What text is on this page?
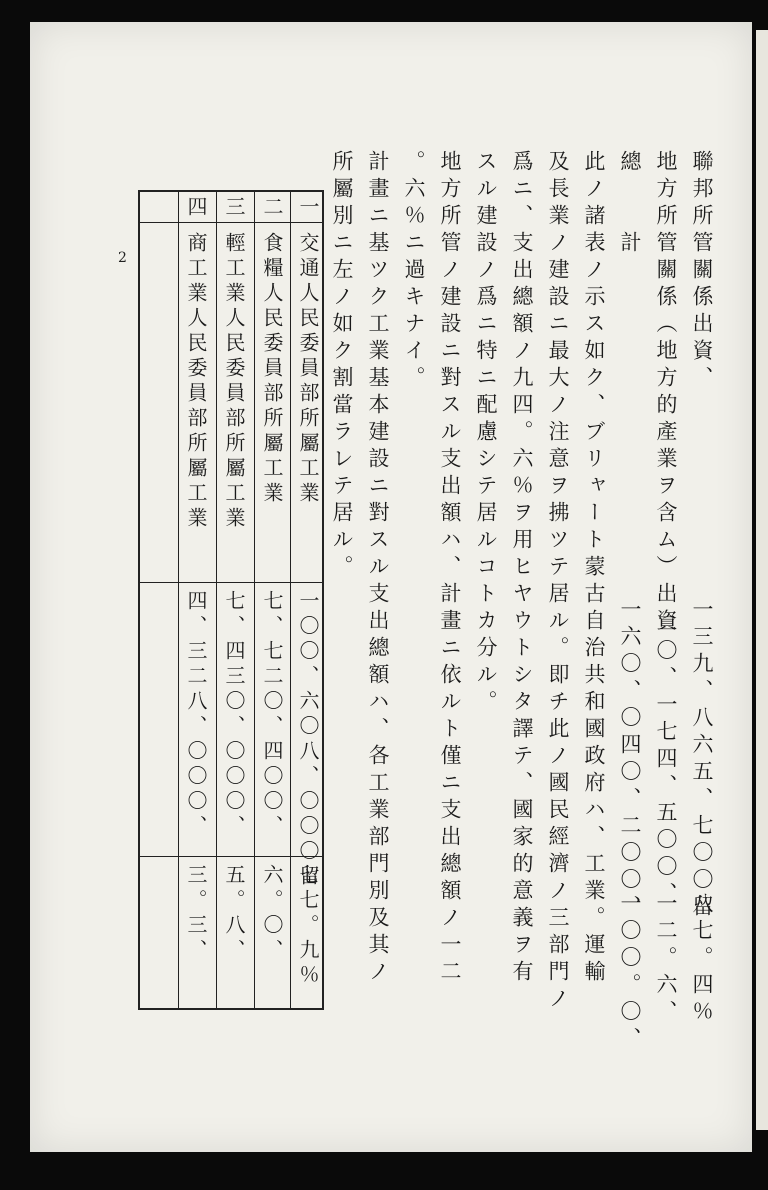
2	聯邦所管關係出資、
地方所管關係（地方的產業ヲ含ム）出資
總　　計
此ノ諸表ノ示ス如ク、ブリャート蒙古自治共和國政府ハ、工業。運輸
及長業ノ建設ニ最大ノ注意ヲ拂ツテ居ル。即チ此ノ國民經濟ノ三部門ノ
爲ニ、支出總額ノ九四。六％ヲ用ヒヤウトシタ譯テ、國家的意義ヲ有
スル建設ノ爲ニ特ニ配慮シテ居ルコトカ分ル。
地方所管ノ建設ニ對スル支出額ハ、計畫ニ依ルト僅ニ支出總額ノ一二
。六％ニ過キナイ。
計畫ニ基ツク工業基本建設ニ對スル支出總額ハ、各工業部門別及其ノ
所屬別ニ左ノ如ク割當ラレテ居ル。
一三九、八六五、七〇〇留
二〇、一七四、五〇〇、
一六〇、〇四〇、二〇〇、
八七。四％
一二。六、
一〇〇。〇、
一
交通人民委員部所屬工業
一〇〇、六〇八、〇〇〇留
七七。九％
二
食糧人民委員部所屬工業
七、七二〇、四〇〇、
六。〇、
三
輕工業人民委員部所屬工業
七、四三〇、〇〇〇、
五。八、
四
商工業人民委員部所屬工業
四、三二八、〇〇〇、
三。三、
